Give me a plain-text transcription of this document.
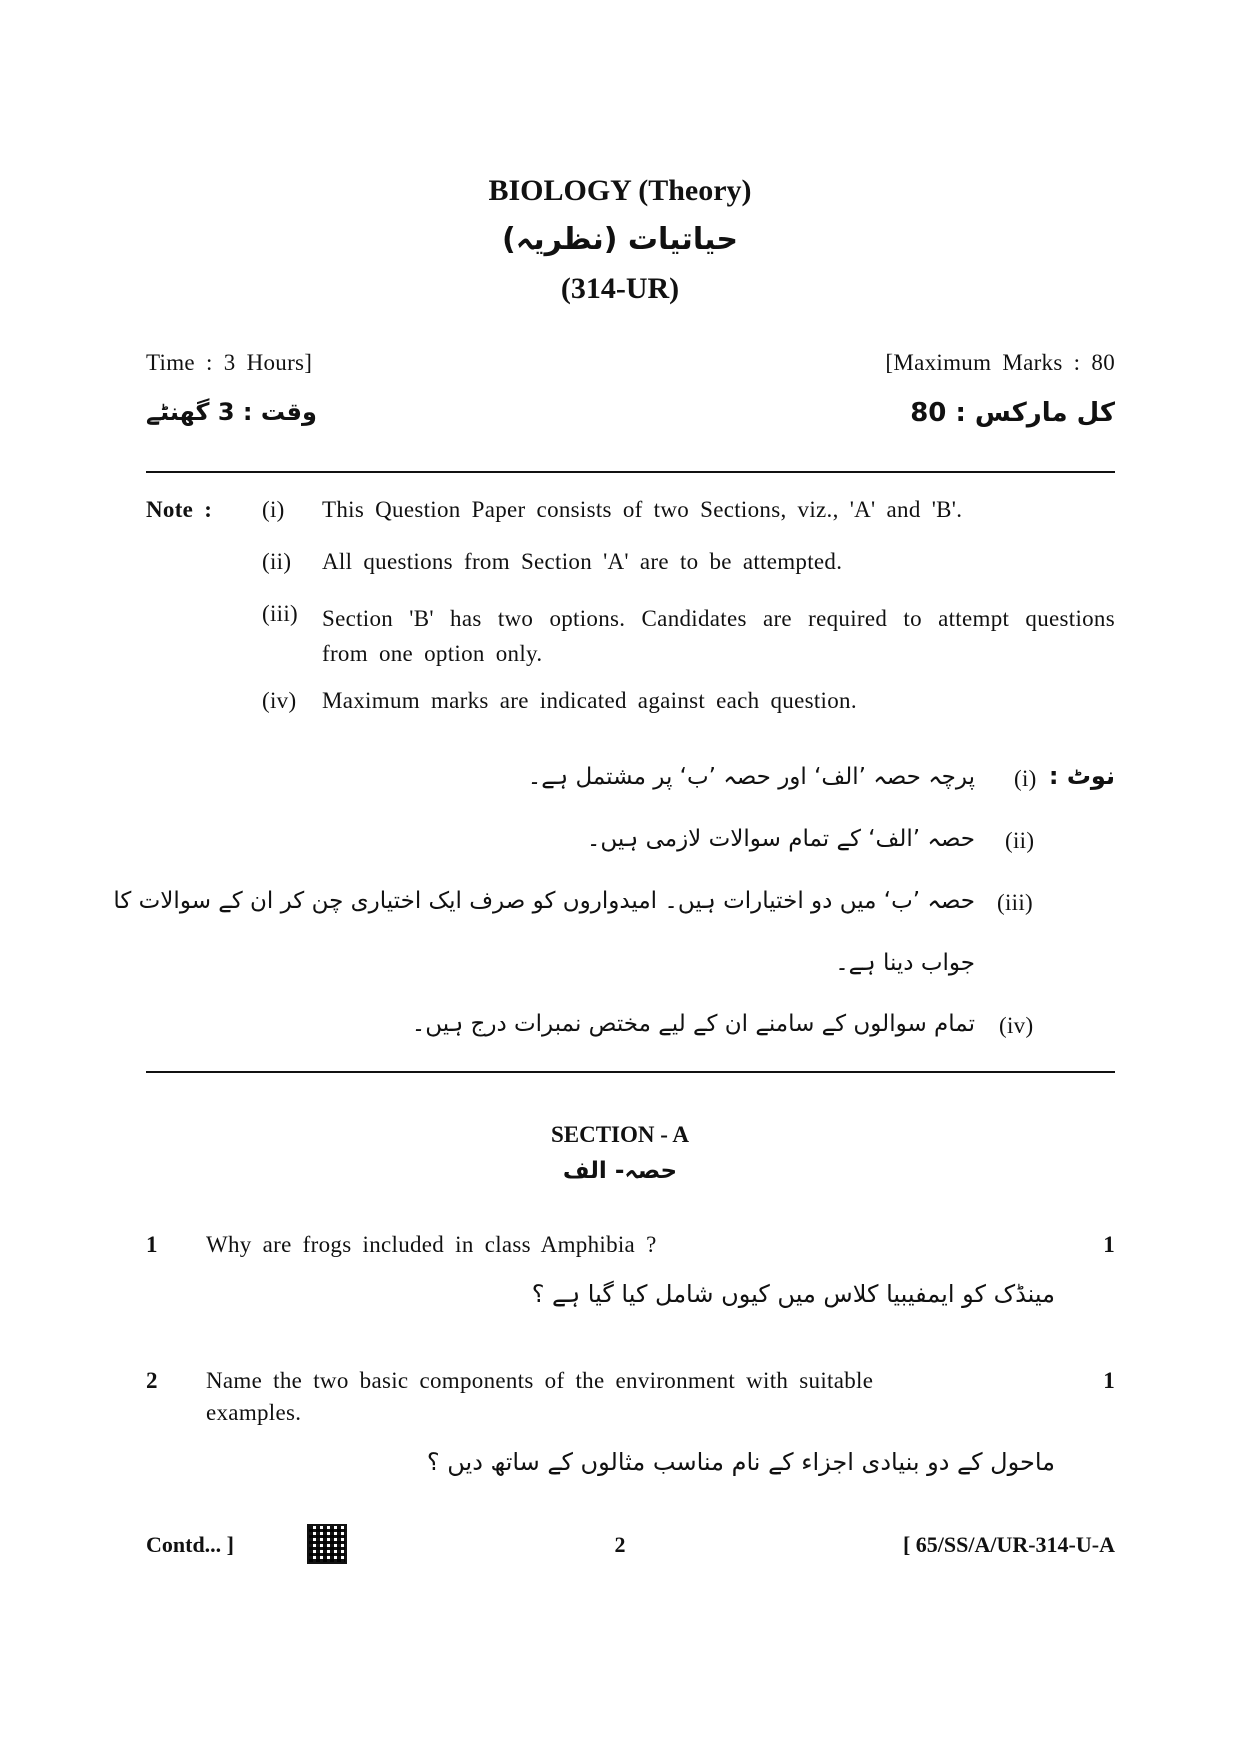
BIOLOGY (Theory)
حیاتیات (نظریہ)
(314-UR)
Time : 3 Hours]	[Maximum Marks : 80
وقت : 3 گھنٹے	کل مارکس : 80
Note : (i) This Question Paper consists of two Sections, viz., 'A' and 'B'.
(ii) All questions from Section 'A' are to be attempted.
(iii) Section 'B' has two options. Candidates are required to attempt questions from one option only.
(iv) Maximum marks are indicated against each question.
نوٹ :
(i)
پرچہ حصہ ’الف‘ اور حصہ ’ب‘ پر مشتمل ہے۔
(ii)
حصہ ’الف‘ کے تمام سوالات لازمی ہیں۔
(iii)
حصہ ’ب‘ میں دو اختیارات ہیں۔ امیدواروں کو صرف ایک اختیاری چن کر ان کے سوالات کا
جواب دینا ہے۔
(iv)
تمام سوالوں کے سامنے ان کے لیے مختص نمبرات درج ہیں۔
SECTION - A
حصہ- الف
1 Why are frogs included in class Amphibia ?	1
مینڈک کو ایمفیبیا کلاس میں کیوں شامل کیا گیا ہے ؟
2 Name the two basic components of the environment with suitable
examples.
1
ماحول کے دو بنیادی اجزاء کے نام مناسب مثالوں کے ساتھ دیں ؟
Contd... ]	2	[ 65/SS/A/UR-314-U-A
